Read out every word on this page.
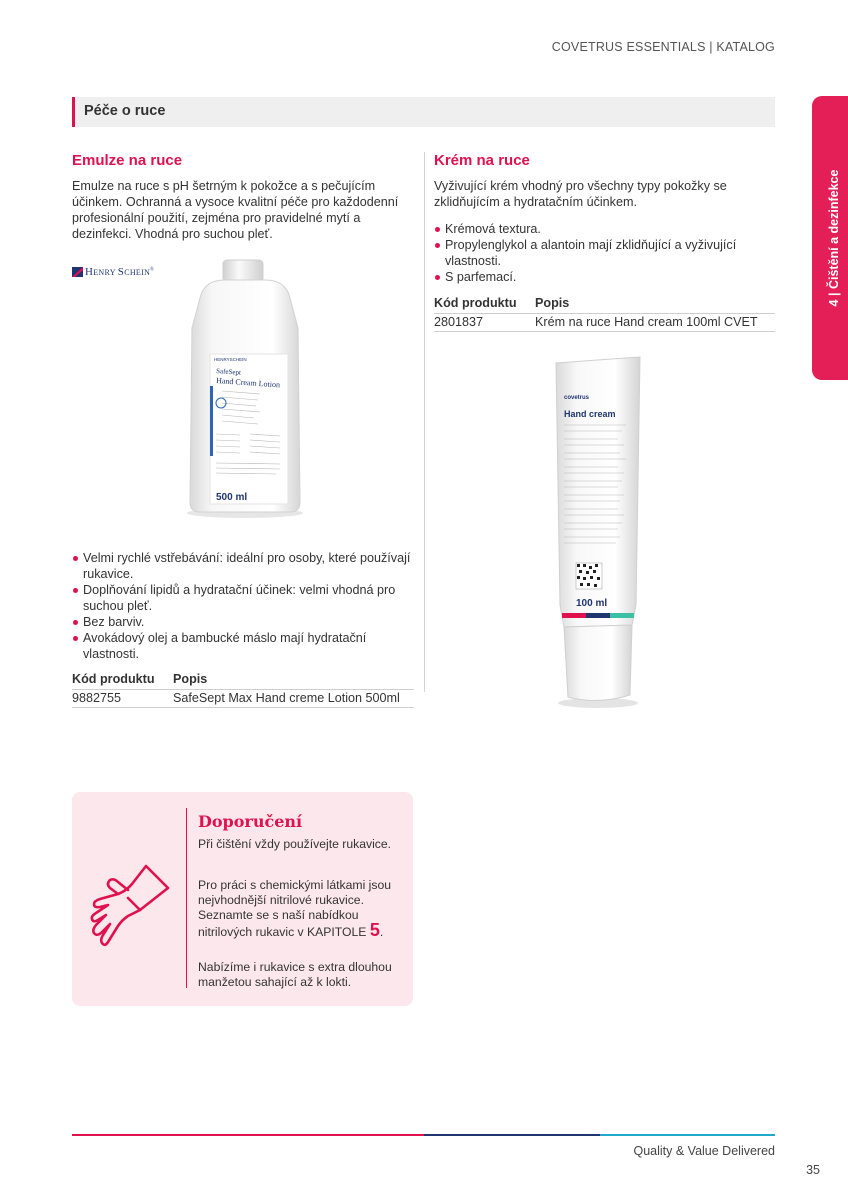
COVETRUS ESSENTIALS | KATALOG
Péče o ruce
4 | Čištění a dezinfekce
Emulze na ruce
Emulze na ruce s pH šetrným k pokožce a s pečujícím účinkem. Ochranná a vysoce kvalitní péče pro každodenní profesionální použití, zejména pro pravidelné mytí a dezinfekci. Vhodná pro suchou pleť.
HENRY SCHEIN®
HENRYSCHEIN
SafeSept
Hand Cream Lotion
500 ml
Velmi rychlé vstřebávání: ideální pro osoby, které používají rukavice.
Doplňování lipidů a hydratační účinek: velmi vhodná pro suchou pleť.
Bez barviv.
Avokádový olej a bambucké máslo mají hydratační vlastnosti.
Kód produktu Popis
9882755	SafeSept Max Hand creme Lotion 500ml
Krém na ruce
Vyživující krém vhodný pro všechny typy pokožky se zklidňujícím a hydratačním účinkem.
Krémová textura.
Propylenglykol a alantoin mají zklidňující a vyživující vlastnosti.
S parfemací.
Kód produktu Popis
2801837	Krém na ruce Hand cream 100ml CVET
covetrus
Hand cream
100 ml
Doporučení
Při čištění vždy používejte rukavice.
Pro práci s chemickými látkami jsou nejvhodnější nitrilové rukavice. Seznamte se s naší nabídkou nitrilových rukavic v KAPITOLE 5.
Nabízíme i rukavice s extra dlouhou manžetou sahající až k lokti.
Quality & Value Delivered
35
